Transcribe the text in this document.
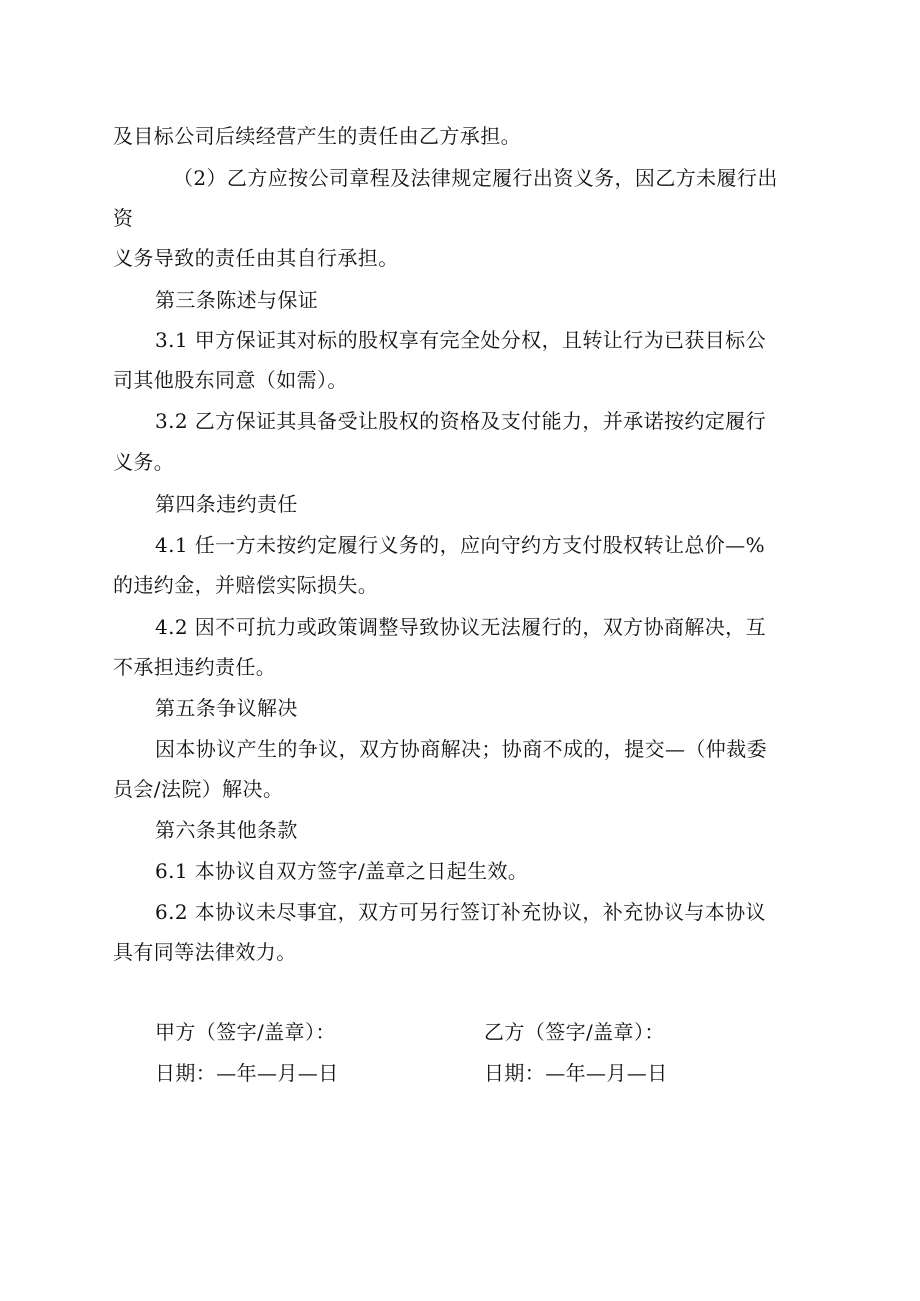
及目标公司后续经营产生的责任由乙方承担。

（2）乙方应按公司章程及法律规定履行出资义务，因乙方未履行出

资

义务导致的责任由其自行承担。

第三条陈述与保证

3.1 甲方保证其对标的股权享有完全处分权，且转让行为已获目标公

司其他股东同意（如需）。

3.2 乙方保证其具备受让股权的资格及支付能力，并承诺按约定履行

义务。

第四条违约责任

4.1 任一方未按约定履行义务的，应向守约方支付股权转让总价—%

的违约金，并赔偿实际损失。

4.2 因不可抗力或政策调整导致协议无法履行的，双方协商解决，互

不承担违约责任。

第五条争议解决

因本协议产生的争议，双方协商解决；协商不成的，提交—（仲裁委

员会/法院）解决。

第六条其他条款

6.1 本协议自双方签字/盖章之日起生效。

6.2 本协议未尽事宜，双方可另行签订补充协议，补充协议与本协议

具有同等法律效力。

甲方（签字/盖章）：	乙方（签字/盖章）：

日期：—年—月—日	日期：—年—月—日
